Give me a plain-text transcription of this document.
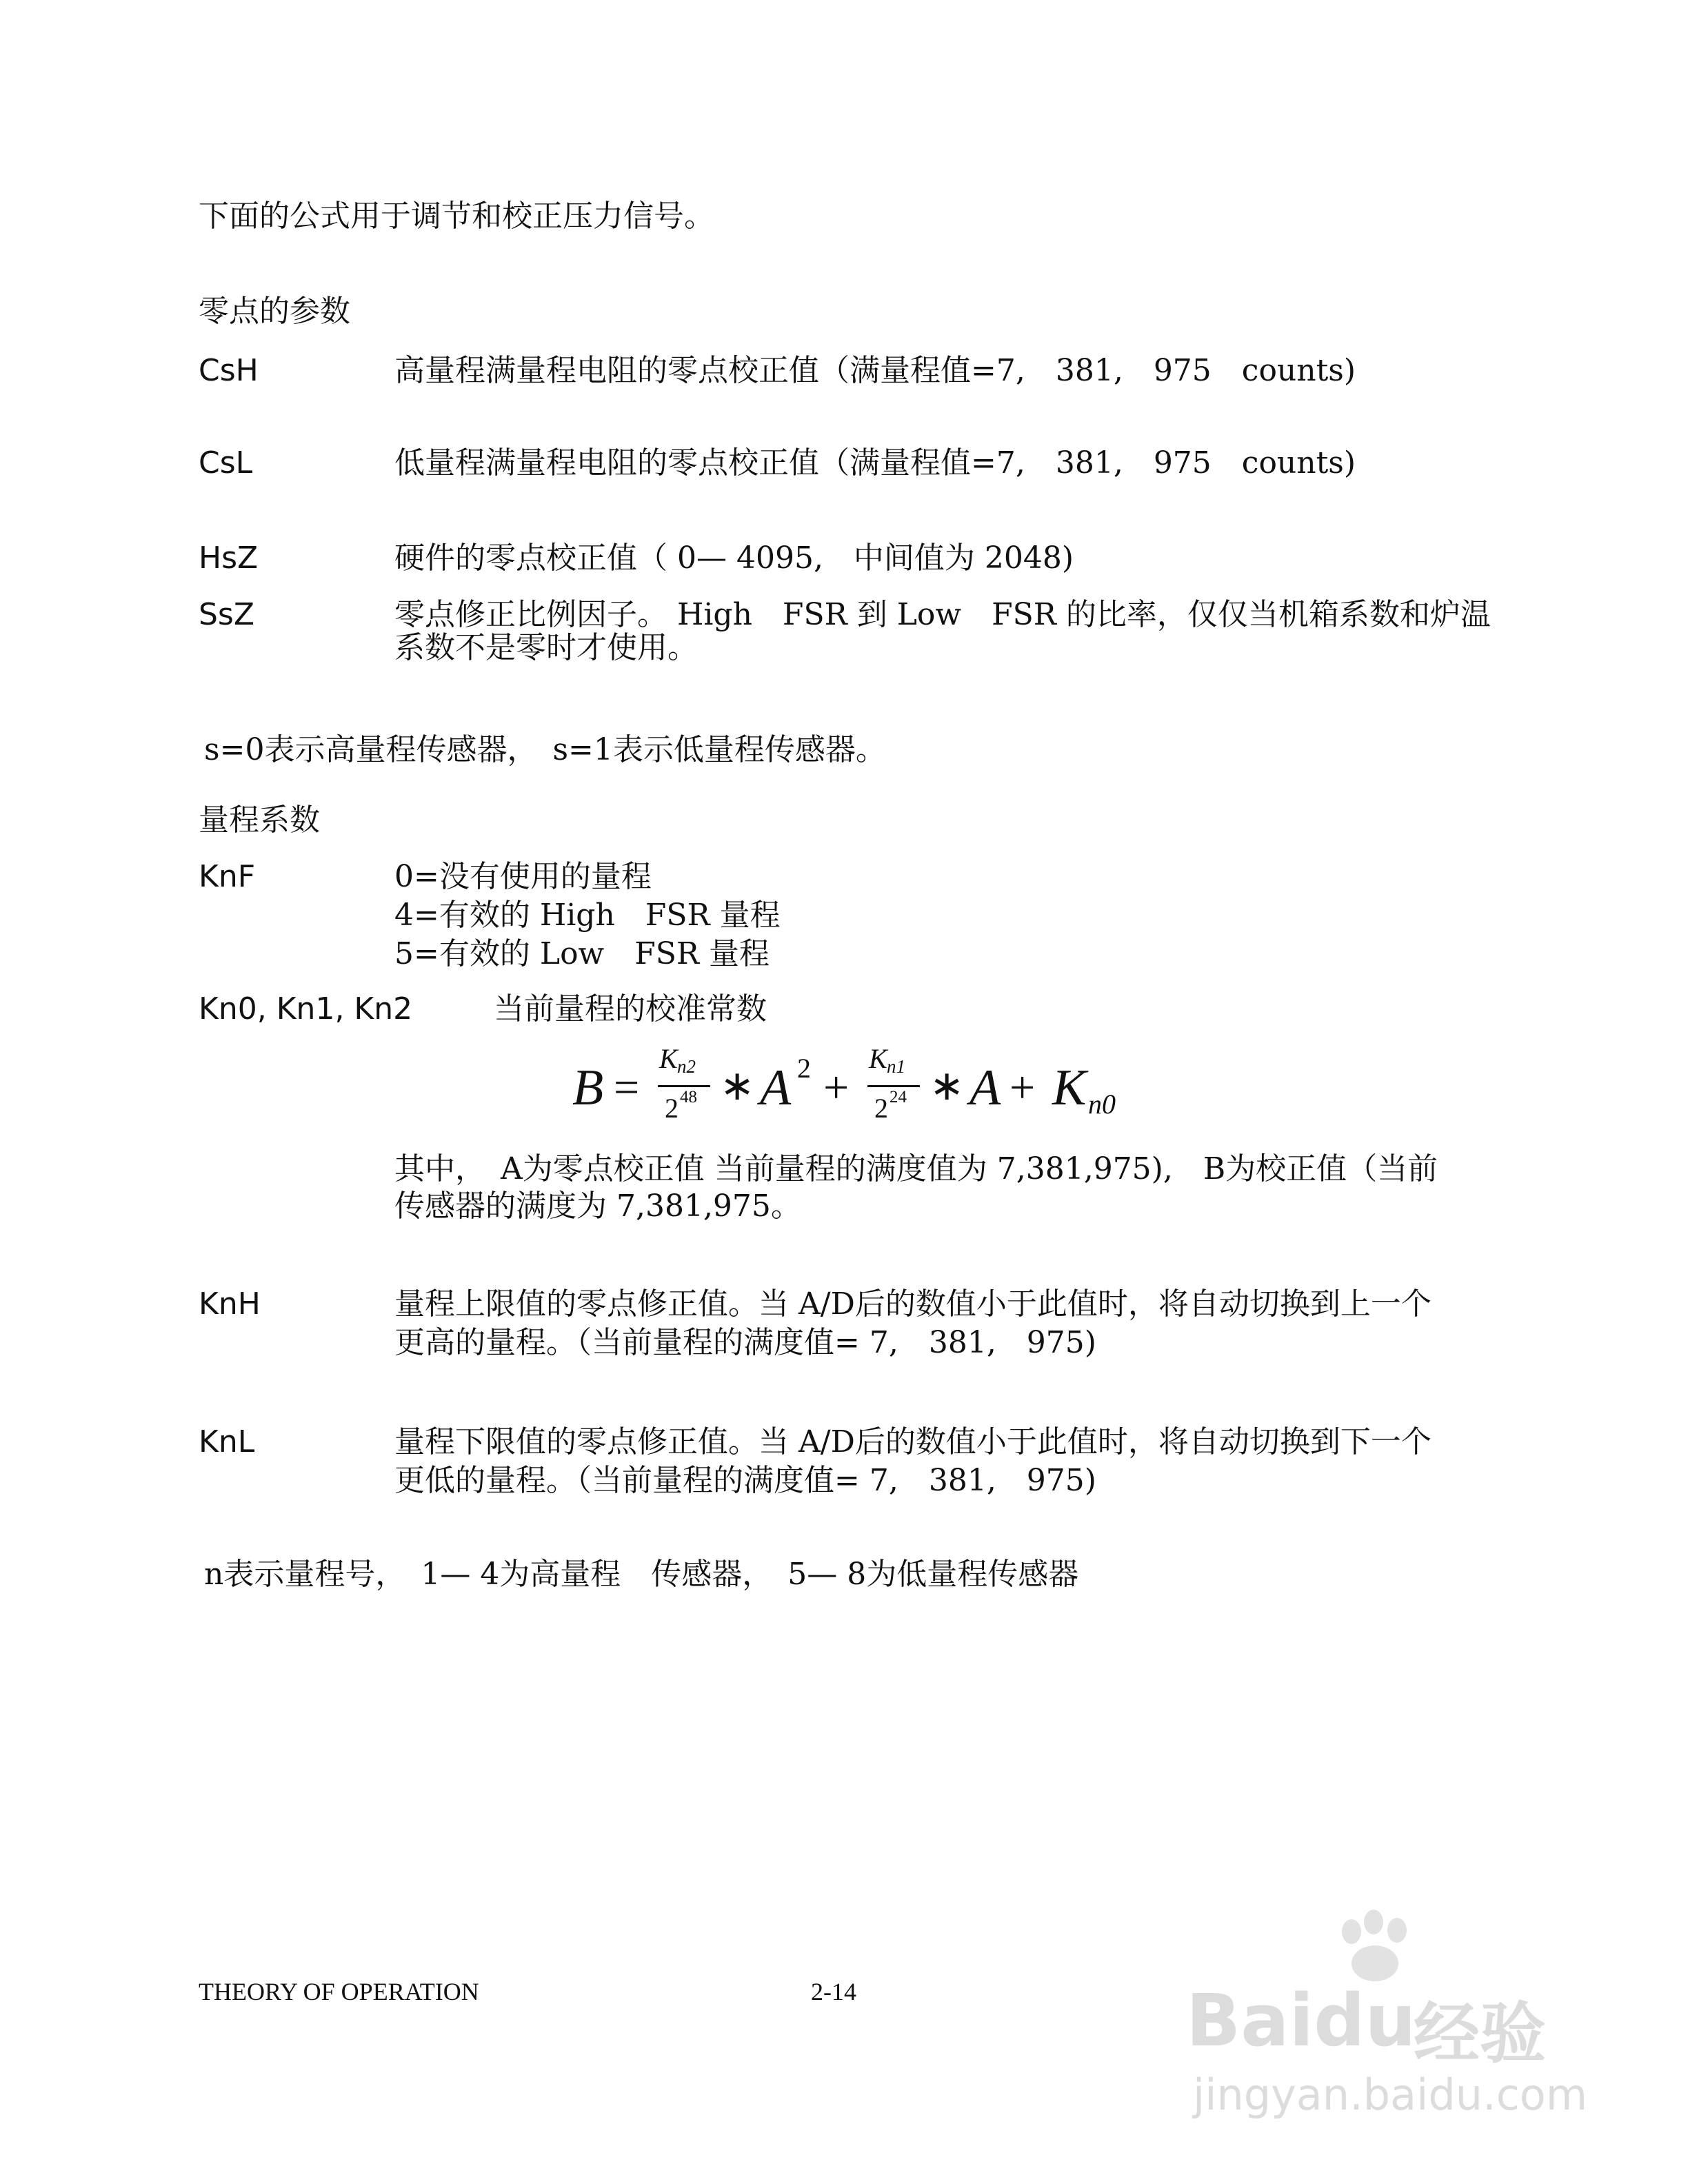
下面的公式用于调节和校正压力信号。
零点的参数
CsH	高量程满量程电阻的零点校正值（满量程值=7,　381,　975　counts)
CsL	低量程满量程电阻的零点校正值（满量程值=7,　381,　975　counts)
HsZ	硬件的零点校正值（ 0— 4095,　中间值为 2048)
SsZ	零点修正比例因子。 High　FSR 到 Low　FSR 的比率，仅仅当机箱系数和炉温
系数不是零时才使用。
s=0表示高量程传感器，　s=1表示低量程传感器。
量程系数
KnF	0=没有使用的量程
4=有效的 High　FSR 量程
5=有效的 Low　FSR 量程
Kn0, Kn1, Kn2	当前量程的校准常数
B =
K n2
2 48 ∗ A 2 +
K n1
2 24 ∗ A + K n0
其中，　A为零点校正值 当前量程的满度值为 7,381,975),　B为校正值（当前
传感器的满度为 7,381,975。
KnH	量程上限值的零点修正值。当 A/D后的数值小于此值时，将自动切换到上一个
更高的量程。（当前量程的满度值= 7,　381,　975)
KnL	量程下限值的零点修正值。当 A/D后的数值小于此值时，将自动切换到下一个
更低的量程。（当前量程的满度值= 7,　381,　975)
n表示量程号，　1— 4为高量程　传感器，　5— 8为低量程传感器
THEORY OF OPERATION	2-14	Baidu
经验
jingyan.baidu.com
